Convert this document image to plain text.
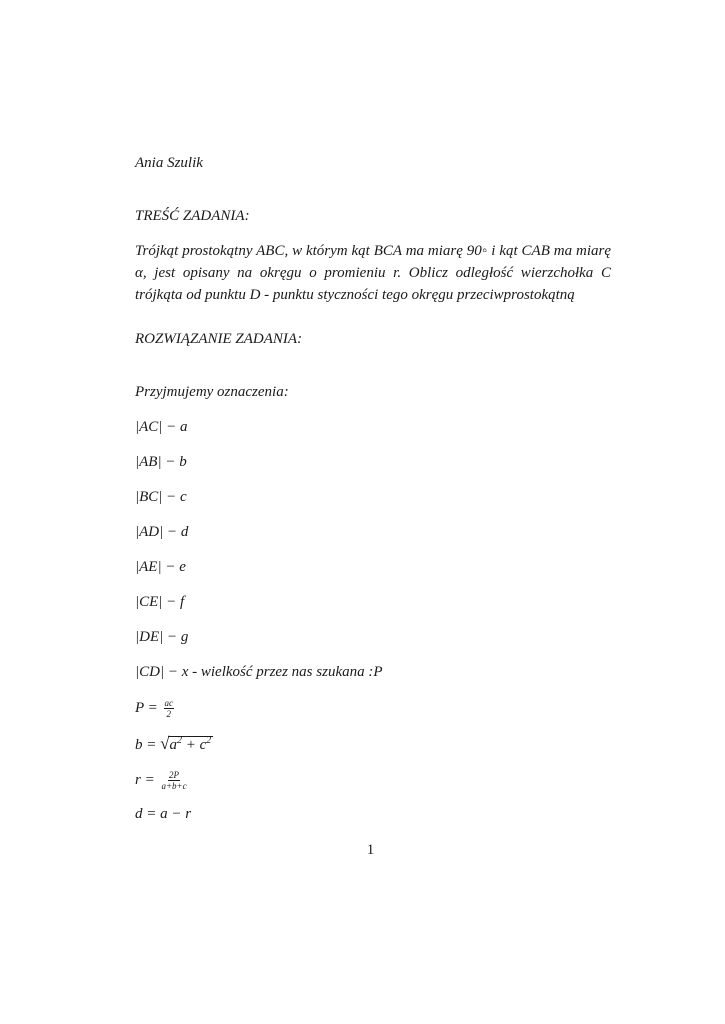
Ania Szulik
TREŚĆ ZADANIA:
Trójkąt prostokątny ABC, w którym kąt BCA ma miarę 90◦ i kąt CAB ma miarę α, jest opisany na okręgu o promieniu r. Oblicz odległość wierzchołka C trójkąta od punktu D - punktu styczności tego okręgu przeciwprostokątną
ROZWIĄZANIE ZADANIA:
Przyjmujemy oznaczenia:
|AC| − a
|AB| − b
|BC| − c
|AD| − d
|AE| − e
|CE| − f
|DE| − g
|CD| − x - wielkość przez nas szukana :P
$P = \frac{ac}{2}$
$b = √a^2 + c^2$
$r = \frac{2P}{a+b+c}$
d = a − r
1
